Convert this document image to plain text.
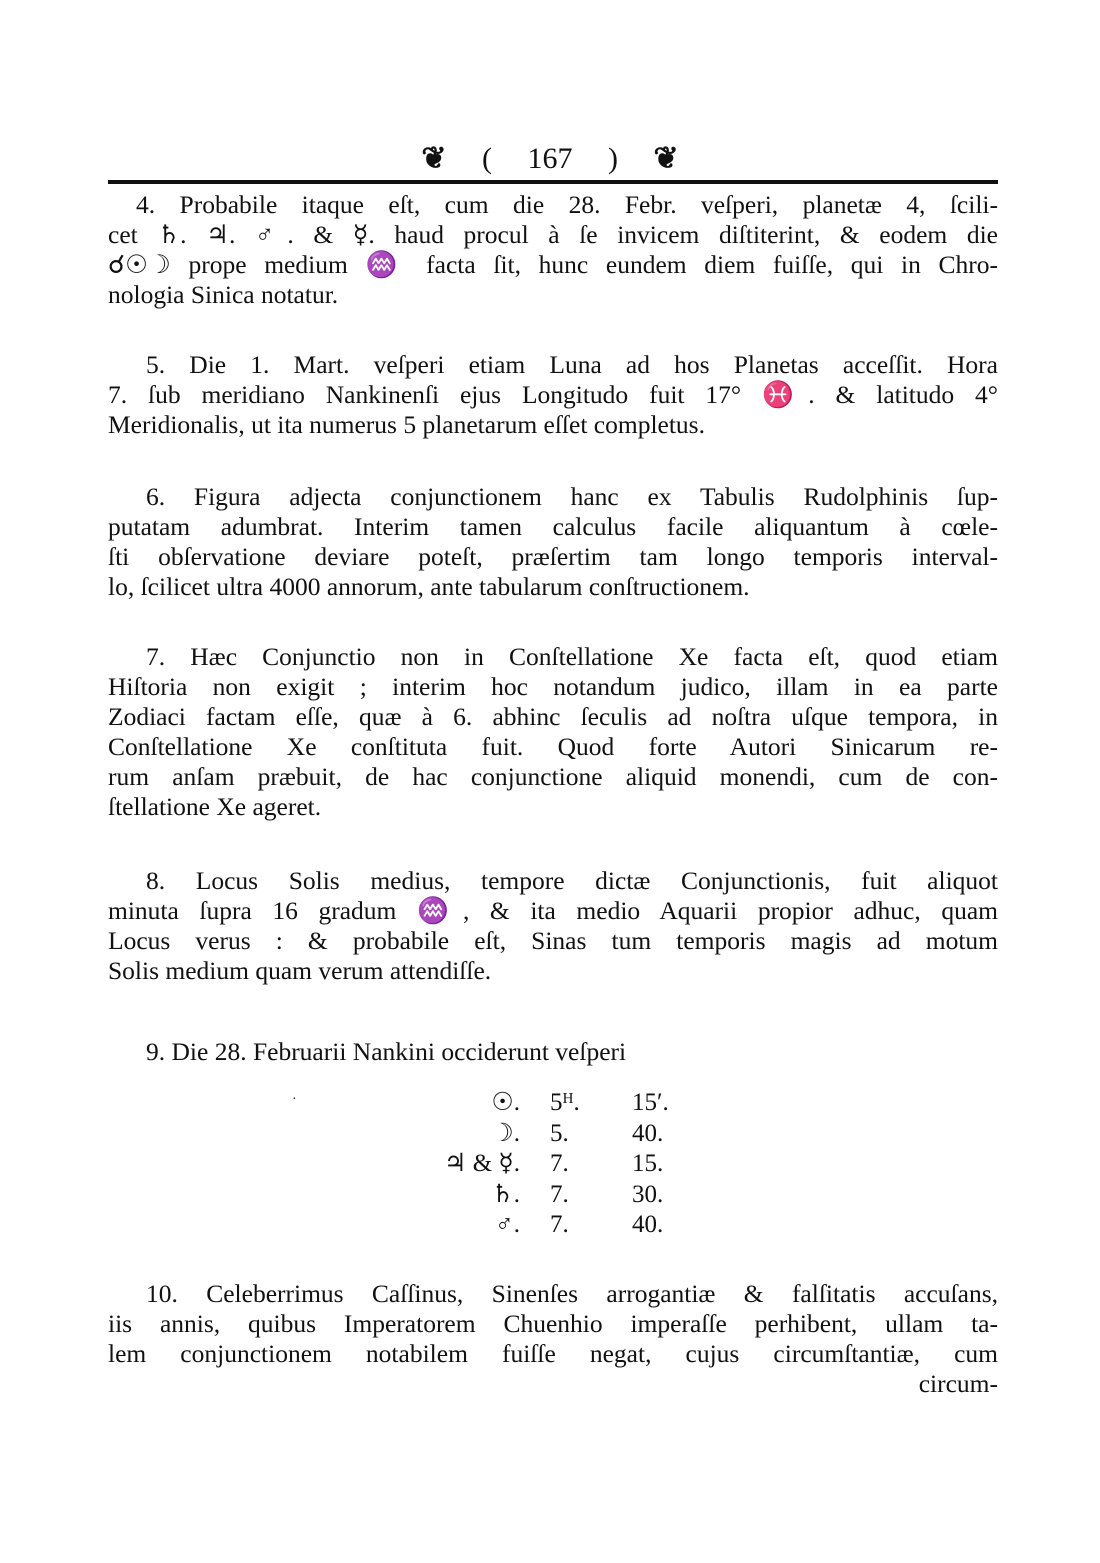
❦ ( 167 ) ❦
4. Probabile itaque eſt, cum die 28. Febr. veſperi, planetæ 4, ſcili-
cet ♄. ♃. ♂. & ☿. haud procul à ſe invicem diſtiterint, & eodem die
☌☉☽ prope medium ♒ facta ſit, hunc eundem diem fuiſſe, qui in Chro-
nologia Sinica notatur.
5. Die 1. Mart. veſperi etiam Luna ad hos Planetas acceſſit. Hora
7. ſub meridiano Nankinenſi ejus Longitudo fuit 17° ♓. & latitudo 4°
Meridionalis, ut ita numerus 5 planetarum eſſet completus.
6. Figura adjecta conjunctionem hanc ex Tabulis Rudolphinis ſup-
putatam adumbrat. Interim tamen calculus facile aliquantum à cœle-
ſti obſervatione deviare poteſt, præſertim tam longo temporis interval-
lo, ſcilicet ultra 4000 annorum, ante tabularum conſtructionem.
7. Hæc Conjunctio non in Conſtellatione Xe facta eſt, quod etiam
Hiſtoria non exigit ; interim hoc notandum judico, illam in ea parte
Zodiaci factam eſſe, quæ à 6. abhinc ſeculis ad noſtra uſque tempora, in
Conſtellatione Xe conſtituta fuit. Quod forte Autori Sinicarum re-
rum anſam præbuit, de hac conjunctione aliquid monendi, cum de con-
ſtellatione Xe ageret.
8. Locus Solis medius, tempore dictæ Conjunctionis, fuit aliquot
minuta ſupra 16 gradum ♒, & ita medio Aquarii propior adhuc, quam
Locus verus : & probabile eſt, Sinas tum temporis magis ad motum
Solis medium quam verum attendiſſe.
9. Die 28. Februarii Nankini occiderunt veſperi
·	☉.	5ᴴ.	15′.
☽.	5.	40.
♃ & ☿.	7.	15.
♄.	7.	30.
♂.	7.	40.
10. Celeberrimus Caſſinus, Sinenſes arrogantiæ & falſitatis accuſans,
iis annis, quibus Imperatorem Chuenhio imperaſſe perhibent, ullam ta-
lem conjunctionem notabilem fuiſſe negat, cujus circumſtantiæ, cum
circum-
